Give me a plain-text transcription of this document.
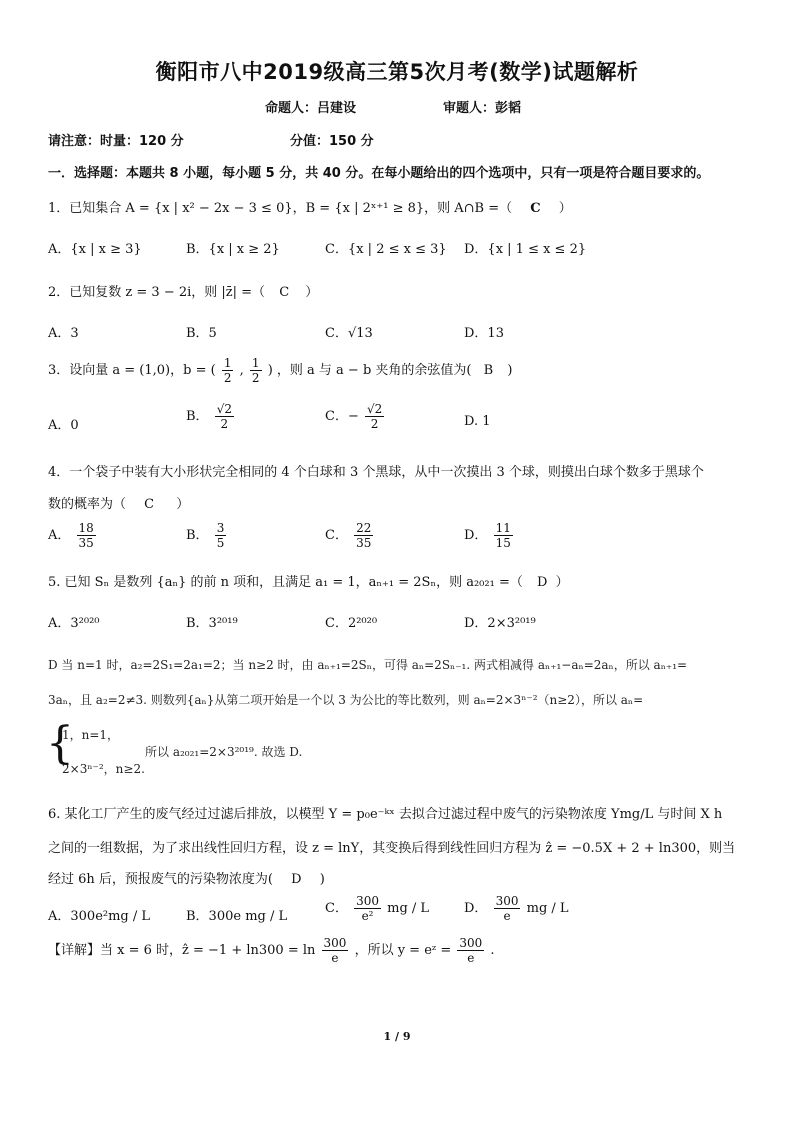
衡阳市八中2019级高三第5次月考(数学)试题解析
命题人：吕建设	审题人：彭韬
请注意：时量：120 分	分值：150 分
一．选择题：本题共 8 小题，每小题 5 分，共 40 分。在每小题给出的四个选项中，只有一项是符合题目要求的。
1．已知集合 A = {x | x² − 2x − 3 ≤ 0}，B = {x | 2ˣ⁺¹ ≥ 8}，则 A∩B =（ C ）
A．{x | x ≥ 3}	B．{x | x ≥ 2}	C．{x | 2 ≤ x ≤ 3} D．{x | 1 ≤ x ≤ 2}
2．已知复数 z = 3 − 2i，则 |z̄| =（ C ）
A．3	B．5	C．√13	D．13
3．设向量 a = (1,0)，b = ( $\frac{1}{2}$ , $\frac{1}{2}$ ) ，则 a 与 a − b 夹角的余弦值为( B )
A．0
B． $\frac{√2}{2}$	C．− $\frac{√2}{2}$	D. 1
4．一个袋子中装有大小形状完全相同的 4 个白球和 3 个黑球，从中一次摸出 3 个球，则摸出白球个数多于黑球个
数的概率为（ C ）
A． $\frac{18}{35}$	B． $\frac{3}{5}$	C． $\frac{22}{35}$	D． $\frac{11}{15}$
5. 已知 Sₙ 是数列 {aₙ} 的前 n 项和，且满足 a₁ = 1，aₙ₊₁ = 2Sₙ，则 a₂₀₂₁ =（ D ）
A．3²⁰²⁰	B．3²⁰¹⁹	C．2²⁰²⁰	D．2×3²⁰¹⁹
D 当 n=1 时，a₂=2S₁=2a₁=2；当 n≥2 时，由 aₙ₊₁=2Sₙ，可得 aₙ=2Sₙ₋₁. 两式相减得 aₙ₊₁−aₙ=2aₙ，所以 aₙ₊₁=
3aₙ，且 a₂=2≠3. 则数列{aₙ}从第二项开始是一个以 3 为公比的等比数列，则 aₙ=2×3ⁿ⁻²（n≥2），所以 aₙ=
{
1，n=1，
2×3ⁿ⁻²，n≥2.
所以 a₂₀₂₁=2×3²⁰¹⁹. 故选 D.
6. 某化工厂产生的废气经过过滤后排放，以模型 Y = p₀e⁻ᵏˣ 去拟合过滤过程中废气的污染物浓度 Ymg/L 与时间 X h
之间的一组数据，为了求出线性回归方程，设 z = lnY，其变换后得到线性回归方程为 ẑ = −0.5X + 2 + ln300，则当
经过 6h 后，预报废气的污染物浓度为( D )
A．300e²mg / L	B．300e mg / L
C． $\frac{300}{\text{e²}}$ mg / L	D． $\frac{300}{e}$ mg / L
【详解】当 x = 6 时，ẑ = $-1 + \ln 300 = \ln \frac{300}{e}$ ，所以 y = eᶻ = $\frac{300}{e}$ .
1 / 9
